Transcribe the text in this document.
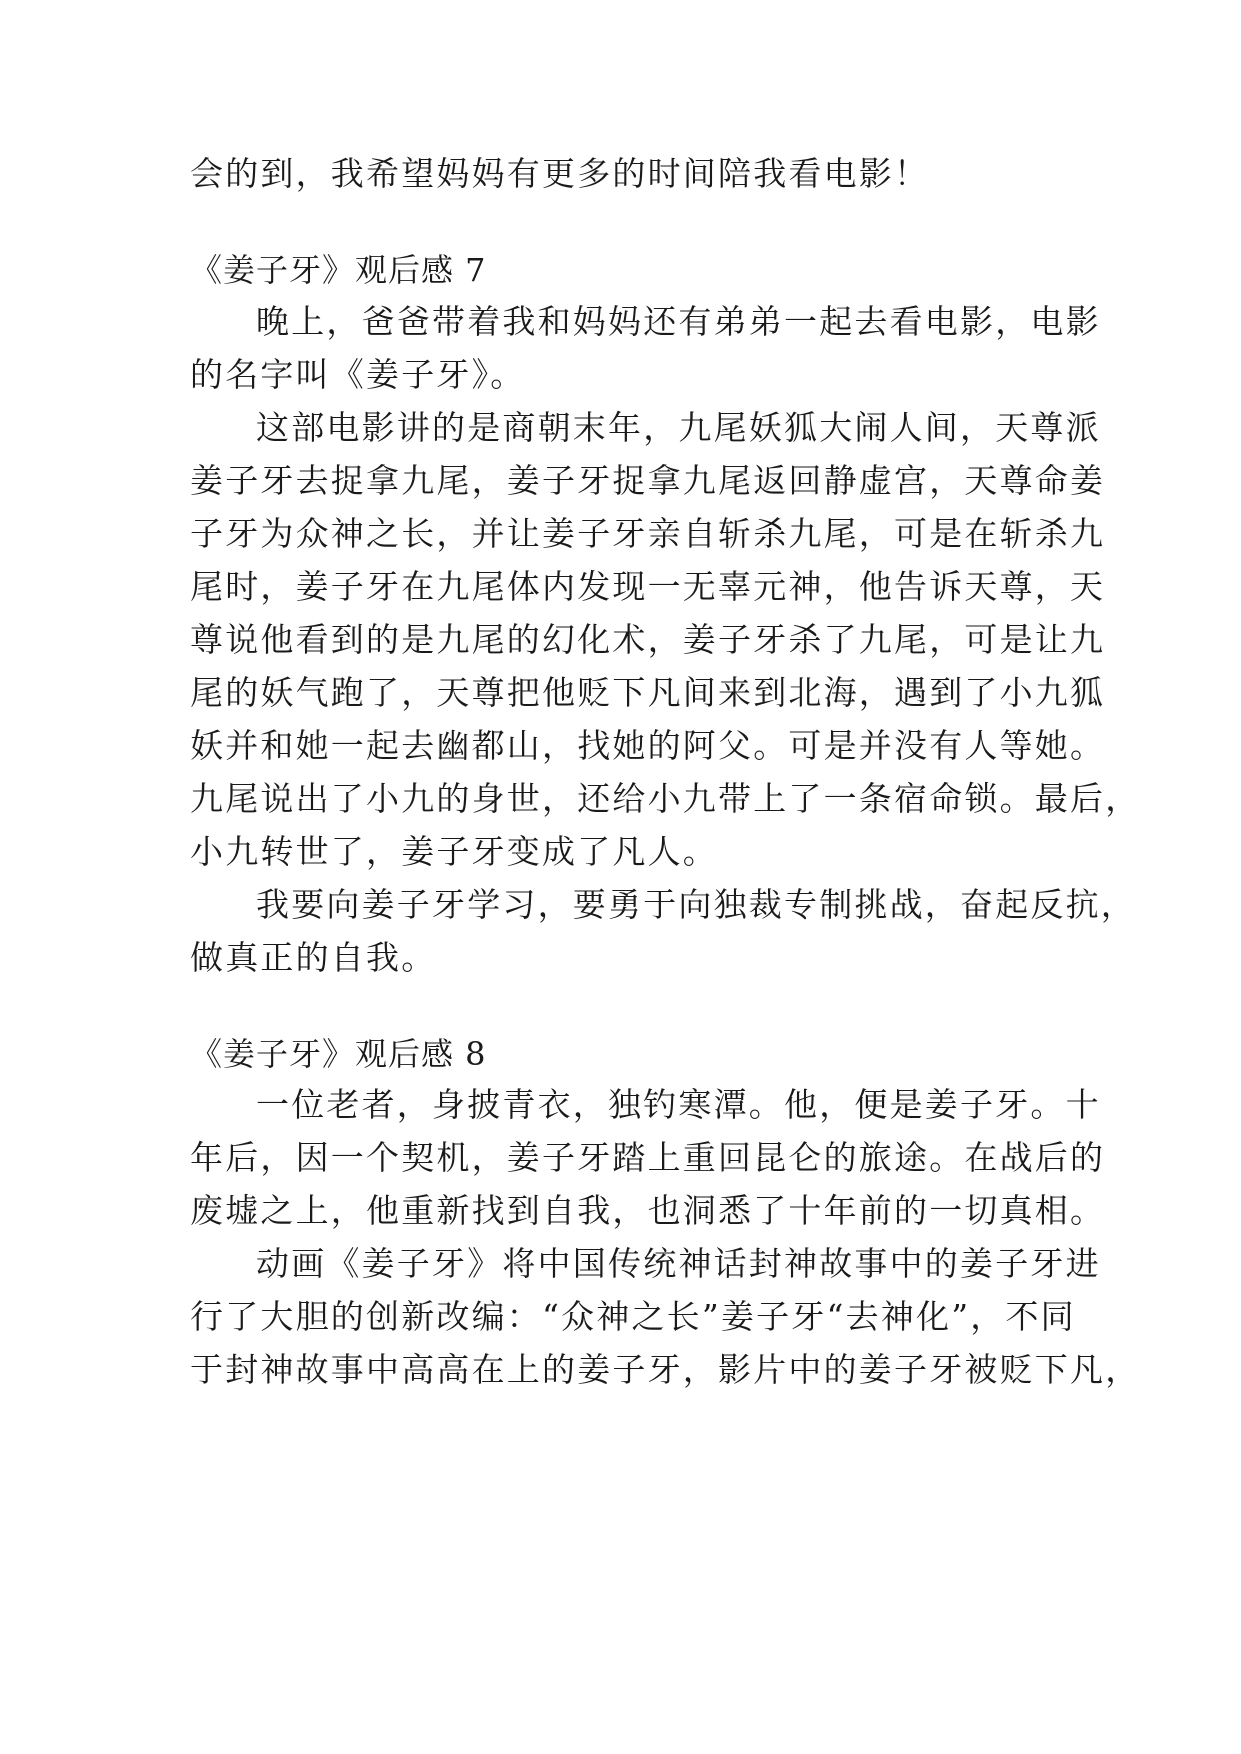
会的到，我希望妈妈有更多的时间陪我看电影！
《姜子牙》观后感 7
晚上，爸爸带着我和妈妈还有弟弟一起去看电影，电影
的名字叫《姜子牙》。
这部电影讲的是商朝末年，九尾妖狐大闹人间，天尊派
姜子牙去捉拿九尾，姜子牙捉拿九尾返回静虚宫，天尊命姜
子牙为众神之长，并让姜子牙亲自斩杀九尾，可是在斩杀九
尾时，姜子牙在九尾体内发现一无辜元神，他告诉天尊，天
尊说他看到的是九尾的幻化术，姜子牙杀了九尾，可是让九
尾的妖气跑了，天尊把他贬下凡间来到北海，遇到了小九狐
妖并和她一起去幽都山，找她的阿父。可是并没有人等她。
九尾说出了小九的身世，还给小九带上了一条宿命锁。最后，
小九转世了，姜子牙变成了凡人。
我要向姜子牙学习，要勇于向独裁专制挑战，奋起反抗，
做真正的自我。
《姜子牙》观后感 8
一位老者，身披青衣，独钓寒潭。他，便是姜子牙。十
年后，因一个契机，姜子牙踏上重回昆仑的旅途。在战后的
废墟之上，他重新找到自我，也洞悉了十年前的一切真相。
动画《姜子牙》将中国传统神话封神故事中的姜子牙进
行了大胆的创新改编：“众神之长”姜子牙“去神化”，不同
于封神故事中高高在上的姜子牙，影片中的姜子牙被贬下凡，
